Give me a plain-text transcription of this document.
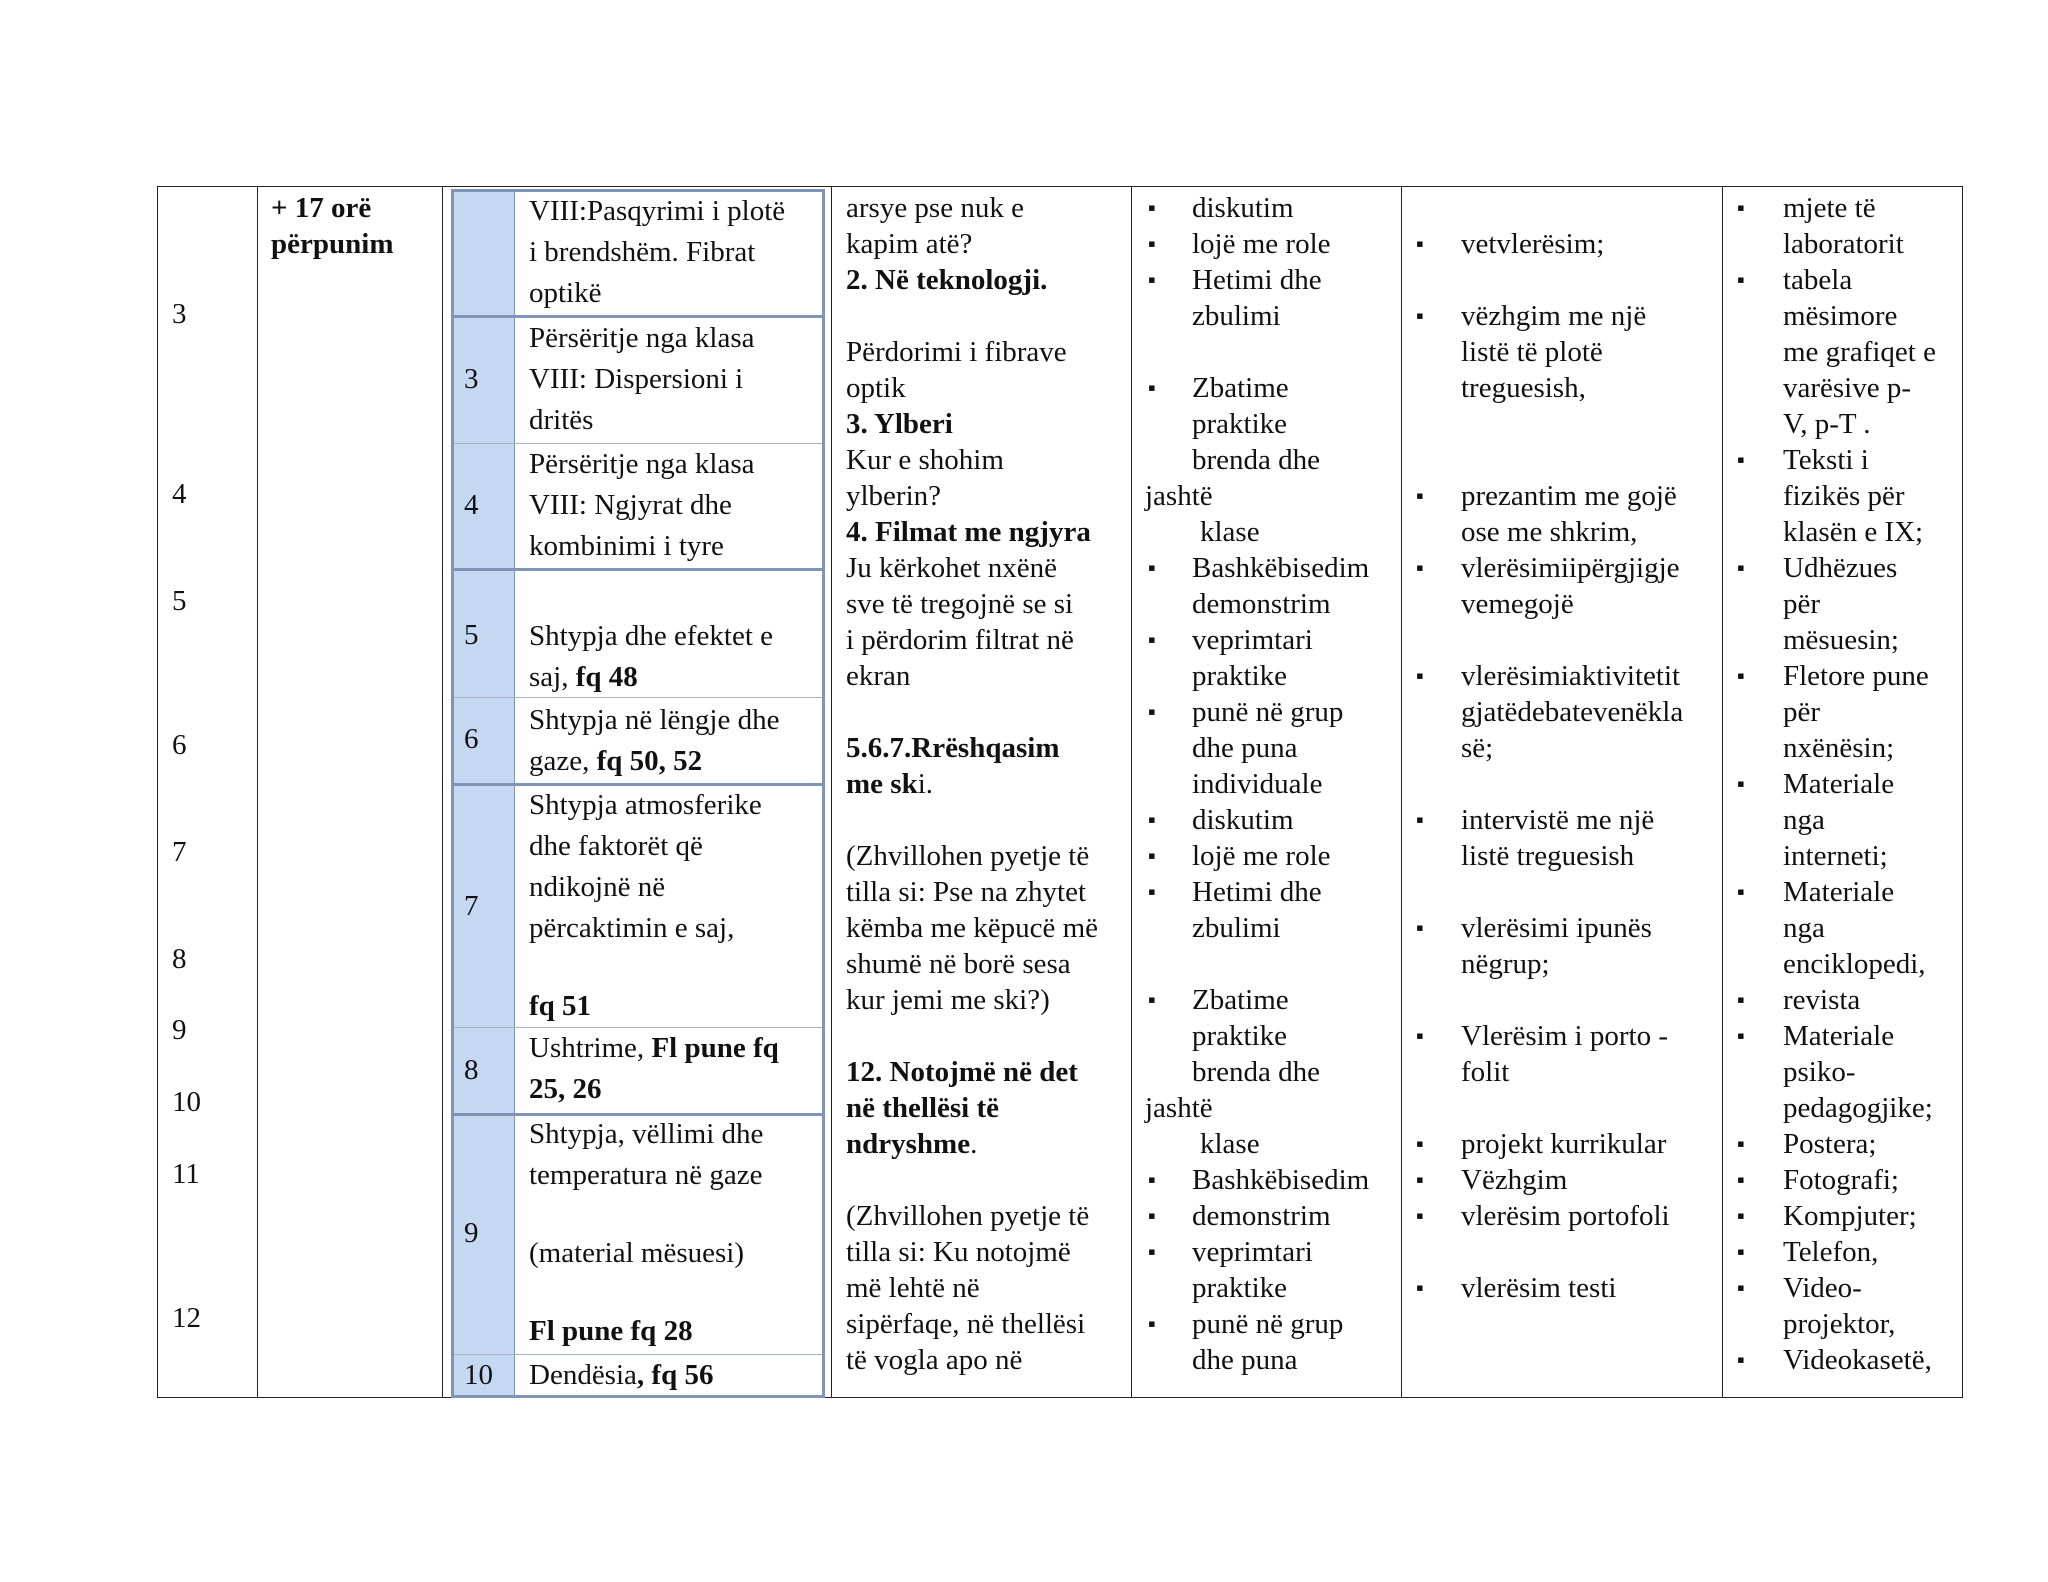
3
4
5
6
7
8
9
10
11
12
+ 17 orë
përpunim
VIII:Pasqyrimi i plotë
i brendshëm. Fibrat
optikë
3
Përsëritje nga klasa
VIII: Dispersioni i
dritës
4
Përsëritje nga klasa
VIII: Ngjyrat dhe
kombinimi i tyre
5 Shtypja dhe efektet e
saj, fq 48
6
Shtypja në lëngje dhe
gaze, fq 50, 52
7
Shtypja atmosferike
dhe faktorët që
ndikojnë në
përcaktimin e saj,
fq 51
8
Ushtrime, Fl pune fq
25, 26
9
Shtypja, vëllimi dhe
temperatura në gaze
(material mësuesi)
Fl pune fq 28
10 Dendësia, fq 56
arsye pse nuk e
kapim atë?
2. Në teknologji.
Përdorimi i fibrave
optik
3. Ylberi
Kur e shohim
ylberin?
4. Filmat me ngjyra
Ju kërkohet nxënë
sve të tregojnë se si
i përdorim filtrat në
ekran
5.6.7.Rrëshqasim
me ski.
(Zhvillohen pyetje të
tilla si: Pse na zhytet
këmba me këpucë më
shumë në borë sesa
kur jemi me ski?)
12. Notojmë në det
në thellësi të
ndryshme.
(Zhvillohen pyetje të
tilla si: Ku notojmë
më lehtë në
sipërfaqe, në thellësi
të vogla apo në
▪ diskutim
▪ lojë me role
▪ Hetimi dhe
zbulimi
▪ Zbatime
praktike
brenda dhe
jashtë
klase
▪ Bashkëbisedim
demonstrim
▪ veprimtari
praktike
▪ punë në grup
dhe puna
individuale
▪ diskutim
▪ lojë me role
▪ Hetimi dhe
zbulimi
▪ Zbatime
praktike
brenda dhe
jashtë
klase
▪ Bashkëbisedim
▪ demonstrim
▪ veprimtari
praktike
▪ punë në grup
dhe puna
▪ vetvlerësim;
▪ vëzhgim me një
listë të plotë
treguesish,
▪ prezantim me gojë
ose me shkrim,
▪ vlerësimiipërgjigje
vemegojë
▪ vlerësimiaktivitetit
gjatëdebatevenëkla
së;
▪ intervistë me një
listë treguesish
▪ vlerësimi ipunës
nëgrup;
▪ Vlerësim i porto -
folit
▪ projekt kurrikular
▪ Vëzhgim
▪ vlerësim portofoli
▪ vlerësim testi
▪ mjete të
laboratorit
▪ tabela
mësimore
me grafiqet e
varësive p-
V, p-T .
▪ Teksti i
fizikës për
klasën e IX;
▪ Udhëzues
për
mësuesin;
▪ Fletore pune
për
nxënësin;
▪ Materiale
nga
interneti;
▪ Materiale
nga
enciklopedi,
▪ revista
▪ Materiale
psiko-
pedagogjike;
▪ Postera;
▪ Fotografi;
▪ Kompjuter;
▪ Telefon,
▪ Video-
projektor,
▪ Videokasetë,
